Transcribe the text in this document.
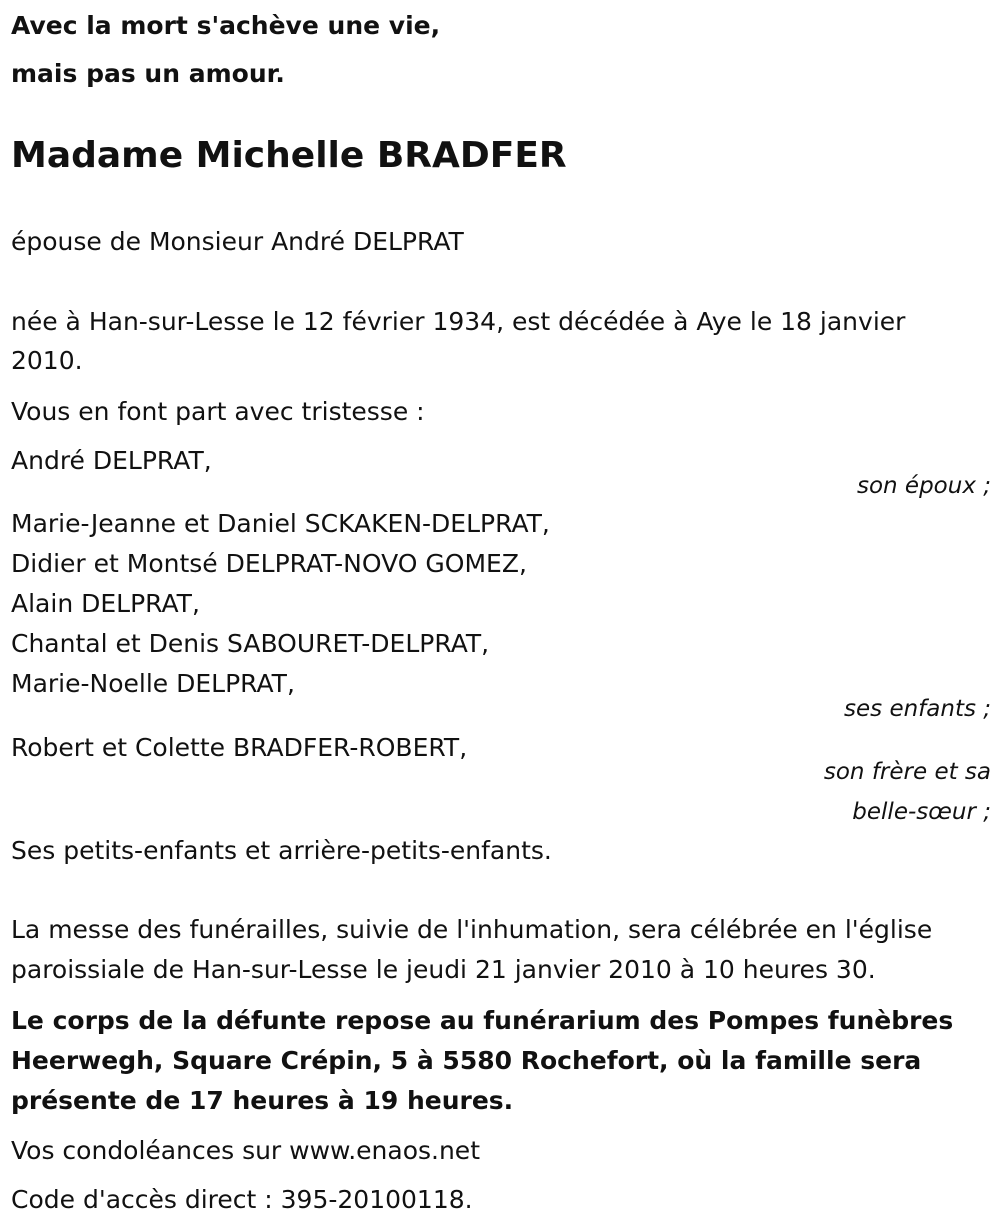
Avec la mort s'achève une vie,

mais pas un amour.

Madame Michelle BRADFER

épouse de Monsieur André DELPRAT

née à Han-sur-Lesse le 12 février 1934, est décédée à Aye le 18 janvier

2010.

Vous en font part avec tristesse :

André DELPRAT,

son époux ;

Marie-Jeanne et Daniel SCKAKEN-DELPRAT,

Didier et Montsé DELPRAT-NOVO GOMEZ,

Alain DELPRAT,

Chantal et Denis SABOURET-DELPRAT,

Marie-Noelle DELPRAT,

ses enfants ;

Robert et Colette BRADFER-ROBERT,

son frère et sa

belle-sœur ;

Ses petits-enfants et arrière-petits-enfants.

La messe des funérailles, suivie de l'inhumation, sera célébrée en l'église

paroissiale de Han-sur-Lesse le jeudi 21 janvier 2010 à 10 heures 30.

Le corps de la défunte repose au funérarium des Pompes funèbres

Heerwegh, Square Crépin, 5 à 5580 Rochefort, où la famille sera

présente de 17 heures à 19 heures.

Vos condoléances sur www.enaos.net

Code d'accès direct : 395-20100118.
